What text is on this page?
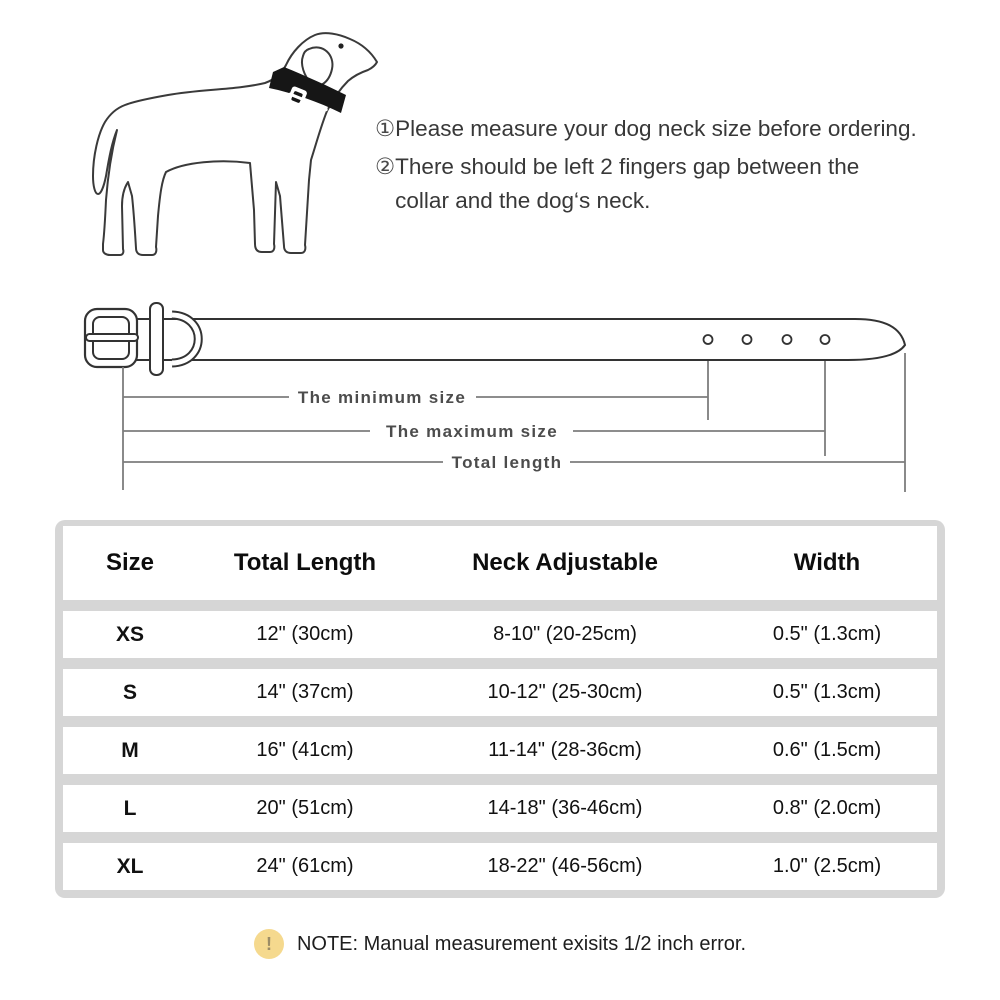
① Please measure your dog neck size before ordering.
② There should be left 2 fingers gap between the collar and the dog‘s neck.
The minimum size
The maximum size
Total length
Size	Total Length	Neck Adjustable	Width
XS	12" (30cm)	8-10" (20-25cm)	0.5" (1.3cm)
S	14" (37cm)	10-12" (25-30cm)	0.5" (1.3cm)
M	16" (41cm)	11-14" (28-36cm)	0.6" (1.5cm)
L	20" (51cm)	14-18" (36-46cm)	0.8" (2.0cm)
XL	24" (61cm)	18-22" (46-56cm)	1.0" (2.5cm)
!	NOTE: Manual measurement exisits 1/2 inch error.
